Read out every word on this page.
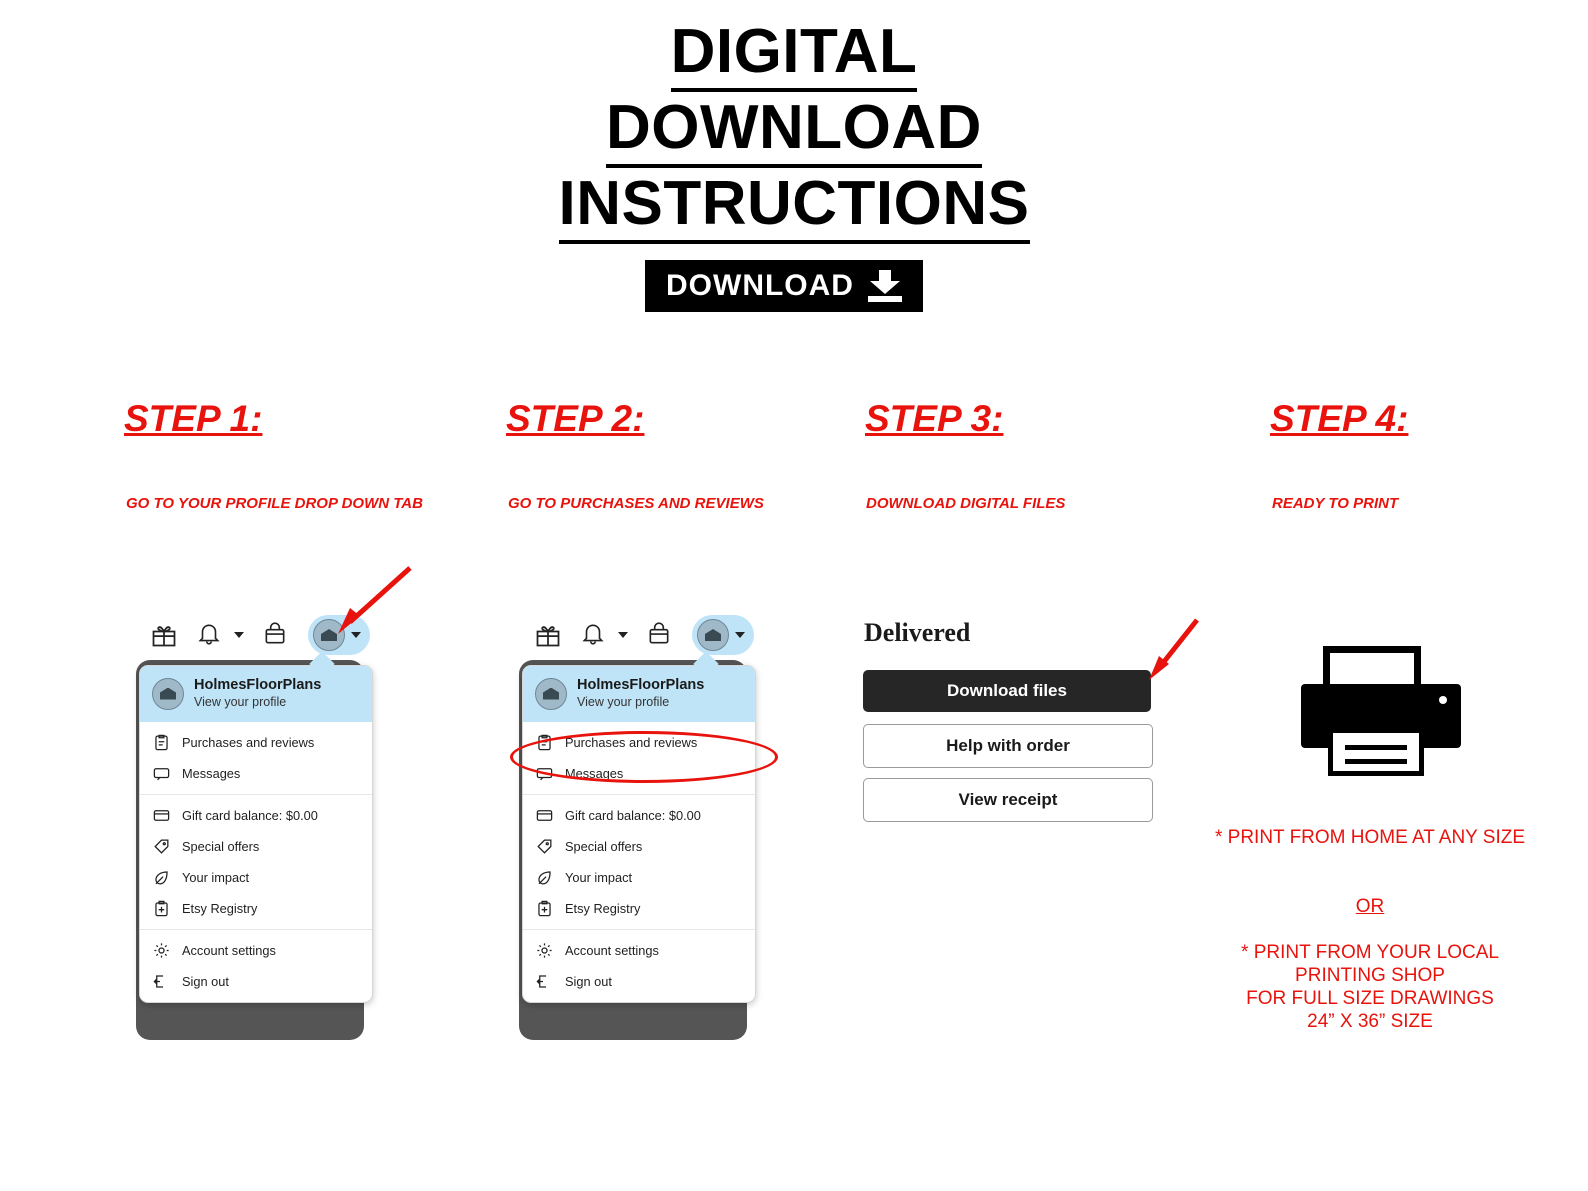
DIGITAL
DOWNLOAD
INSTRUCTIONS
DOWNLOAD
STEP 1:
GO TO YOUR PROFILE DROP DOWN TAB
STEP 2:
GO TO PURCHASES AND REVIEWS
STEP 3:
DOWNLOAD DIGITAL FILES
STEP 4:
READY TO PRINT
HolmesFloorPlans
View your profile
Purchases and reviews
Messages
Gift card balance: $0.00
Special offers
Your impact
Etsy Registry
Account settings
Sign out
HolmesFloorPlans
View your profile
Purchases and reviews
Messages
Gift card balance: $0.00
Special offers
Your impact
Etsy Registry
Account settings
Sign out
Delivered
Download files
Help with order
View receipt
* PRINT FROM HOME AT ANY SIZE
OR
* PRINT FROM YOUR LOCAL
PRINTING SHOP
FOR FULL SIZE DRAWINGS
24” X 36” SIZE
